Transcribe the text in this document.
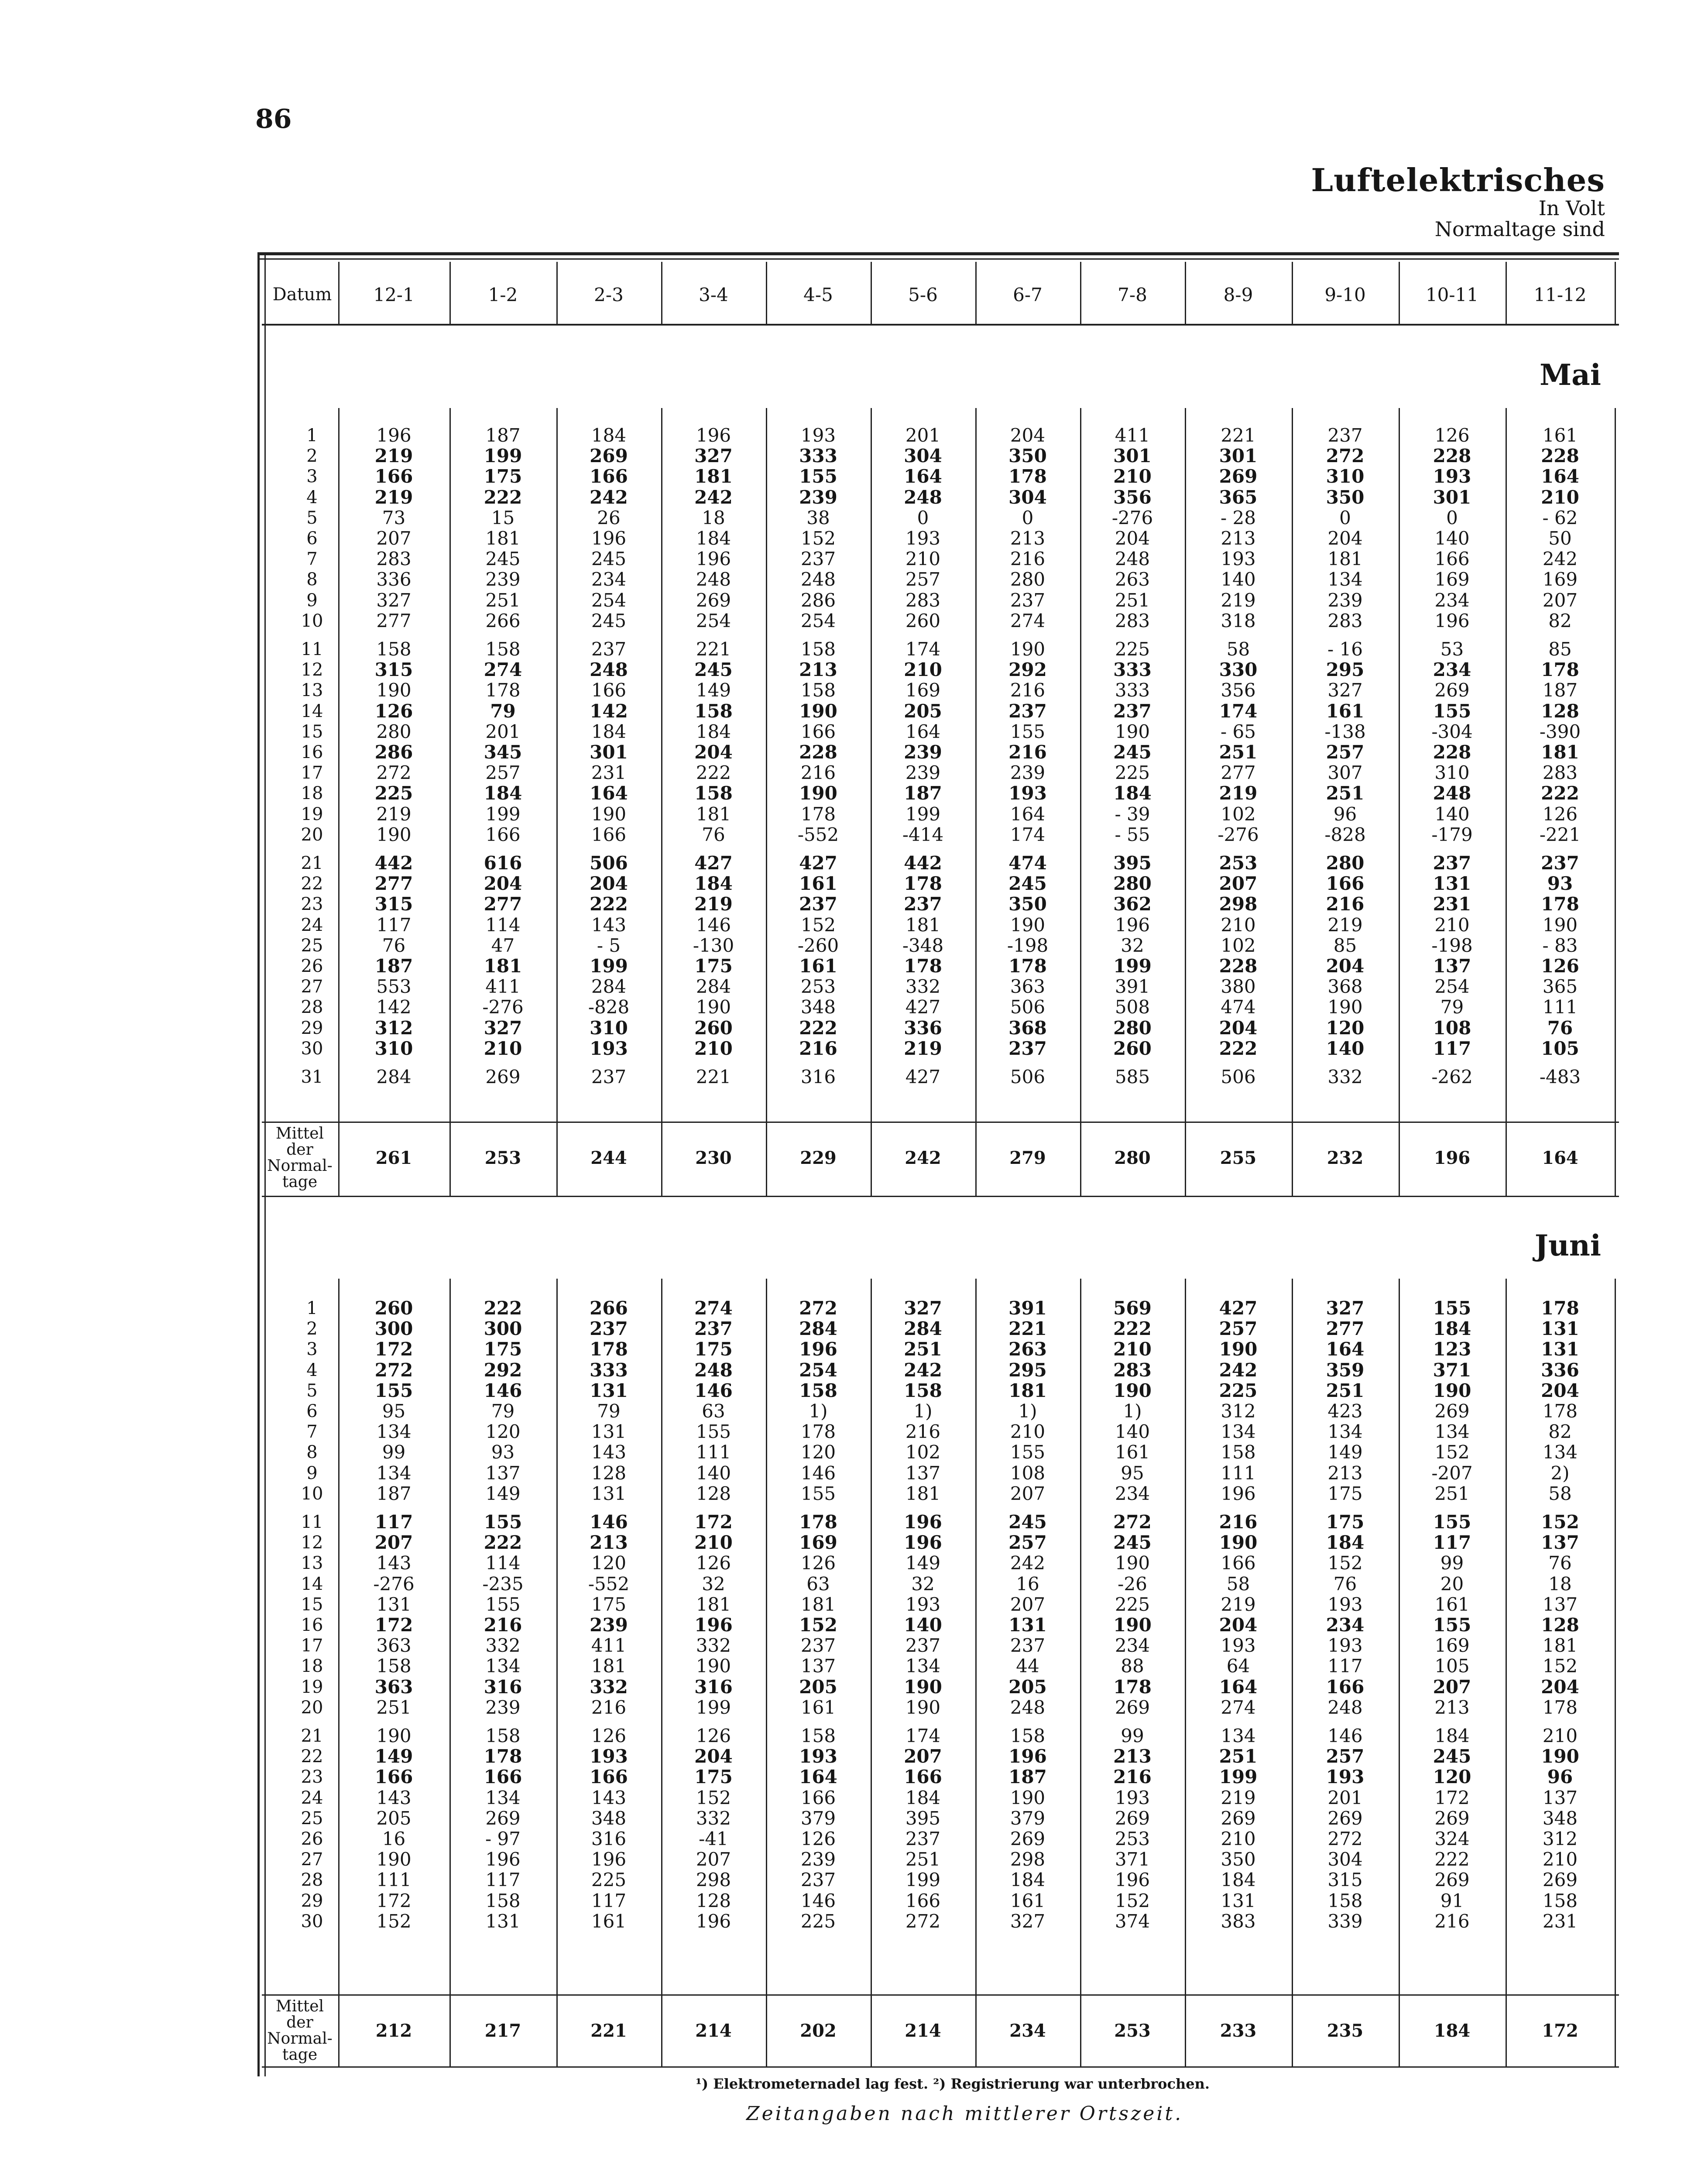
86
Luftelektrisches
In Volt
Normaltage sind
Datum	12-1	1-2	2-3	3-4	4-5	5-6	6-7	7-8	8-9	9-10	10-11	11-12
Mai
1	196	187	184	196	193	201	204	411	221	237	126	161
2	219	199	269	327	333	304	350	301	301	272	228	228
3	166	175	166	181	155	164	178	210	269	310	193	164
4	219	222	242	242	239	248	304	356	365	350	301	210
5	73	15	26	18	38	0	0	-276	- 28	0	0	- 62
6	207	181	196	184	152	193	213	204	213	204	140	50
7	283	245	245	196	237	210	216	248	193	181	166	242
8	336	239	234	248	248	257	280	263	140	134	169	169
9	327	251	254	269	286	283	237	251	219	239	234	207
10	277	266	245	254	254	260	274	283	318	283	196	82
11	158	158	237	221	158	174	190	225	58	- 16	53	85
12	315	274	248	245	213	210	292	333	330	295	234	178
13	190	178	166	149	158	169	216	333	356	327	269	187
14	126	79	142	158	190	205	237	237	174	161	155	128
15	280	201	184	184	166	164	155	190	- 65	-138	-304	-390
16	286	345	301	204	228	239	216	245	251	257	228	181
17	272	257	231	222	216	239	239	225	277	307	310	283
18	225	184	164	158	190	187	193	184	219	251	248	222
19	219	199	190	181	178	199	164	- 39	102	96	140	126
20	190	166	166	76	-552	-414	174	- 55	-276	-828	-179	-221
21	442	616	506	427	427	442	474	395	253	280	237	237
22	277	204	204	184	161	178	245	280	207	166	131	93
23	315	277	222	219	237	237	350	362	298	216	231	178
24	117	114	143	146	152	181	190	196	210	219	210	190
25	76	47	- 5	-130	-260	-348	-198	32	102	85	-198	- 83
26	187	181	199	175	161	178	178	199	228	204	137	126
27	553	411	284	284	253	332	363	391	380	368	254	365
28	142	-276	-828	190	348	427	506	508	474	190	79	111
29	312	327	310	260	222	336	368	280	204	120	108	76
30	310	210	193	210	216	219	237	260	222	140	117	105
31	284	269	237	221	316	427	506	585	506	332	-262	-483
Mittel
der
Normal-
tage
261	253	244	230	229	242	279	280	255	232	196	164
Juni
1	260	222	266	274	272	327	391	569	427	327	155	178
2	300	300	237	237	284	284	221	222	257	277	184	131
3	172	175	178	175	196	251	263	210	190	164	123	131
4	272	292	333	248	254	242	295	283	242	359	371	336
5	155	146	131	146	158	158	181	190	225	251	190	204
6	95	79	79	63	1)	1)	1)	1)	312	423	269	178
7	134	120	131	155	178	216	210	140	134	134	134	82
8	99	93	143	111	120	102	155	161	158	149	152	134
9	134	137	128	140	146	137	108	95	111	213	-207	2)
10	187	149	131	128	155	181	207	234	196	175	251	58
11	117	155	146	172	178	196	245	272	216	175	155	152
12	207	222	213	210	169	196	257	245	190	184	117	137
13	143	114	120	126	126	149	242	190	166	152	99	76
14	-276	-235	-552	32	63	32	16	-26	58	76	20	18
15	131	155	175	181	181	193	207	225	219	193	161	137
16	172	216	239	196	152	140	131	190	204	234	155	128
17	363	332	411	332	237	237	237	234	193	193	169	181
18	158	134	181	190	137	134	44	88	64	117	105	152
19	363	316	332	316	205	190	205	178	164	166	207	204
20	251	239	216	199	161	190	248	269	274	248	213	178
21	190	158	126	126	158	174	158	99	134	146	184	210
22	149	178	193	204	193	207	196	213	251	257	245	190
23	166	166	166	175	164	166	187	216	199	193	120	96
24	143	134	143	152	166	184	190	193	219	201	172	137
25	205	269	348	332	379	395	379	269	269	269	269	348
26	16	- 97	316	-41	126	237	269	253	210	272	324	312
27	190	196	196	207	239	251	298	371	350	304	222	210
28	111	117	225	298	237	199	184	196	184	315	269	269
29	172	158	117	128	146	166	161	152	131	158	91	158
30	152	131	161	196	225	272	327	374	383	339	216	231
Mittel
der
Normal-
tage
212	217	221	214	202	214	234	253	233	235	184	172
¹) Elektrometernadel lag fest. ²) Registrierung war unterbrochen.
Zeitangaben nach mittlerer Ortszeit.
